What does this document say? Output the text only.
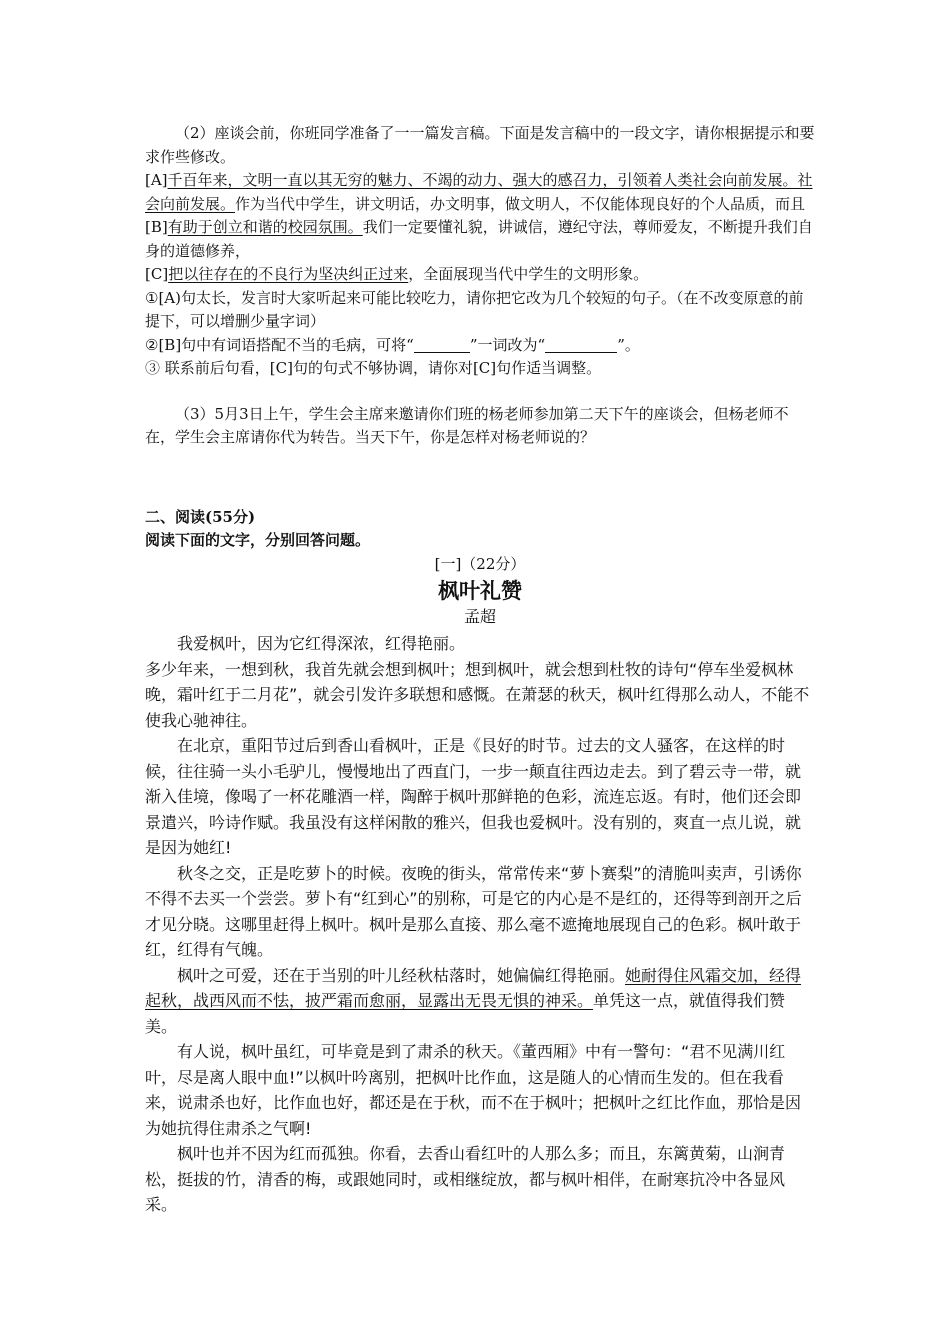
（2）座谈会前，你班同学准备了一一篇发言稿。下面是发言稿中的一段文字，请你根据提示和要求作些修改。

[A]千百年来，文明一直以其无穷的魅力、不竭的动力、强大的感召力，引领着人类社会向前发展。社会向前发展。作为当代中学生，讲文明话，办文明事，做文明人，不仅能体现良好的个人品质，而且[B]有助于创立和谐的校园氛围。我们一定要懂礼貌，讲诚信，遵纪守法，尊师爱友，不断提升我们自身的道德修养，

[C]把以往存在的不良行为坚决纠正过来，全面展现当代中学生的文明形象。

①[A)句太长，发言时大家听起来可能比较吃力，请你把它改为几个较短的句子。（在不改变原意的前提下，可以增删少量字词）

②[B]句中有词语搭配不当的毛病，可将“	”一词改为“	”。

③ 联系前后句看，[C]句的句式不够协调，请你对[C]句作适当调整。

（3）5月3日上午，学生会主席来邀请你们班的杨老师参加第二天下午的座谈会，但杨老师不在，学生会主席请你代为转告。当天下午，你是怎样对杨老师说的？

二、阅读(55分)

阅读下面的文字，分别回答问题。

[一]（22分）

枫叶礼赞

孟超

我爱枫叶，因为它红得深浓，红得艳丽。

多少年来，一想到秋，我首先就会想到枫叶；想到枫叶，就会想到杜牧的诗句“停车坐爱枫林晚，霜叶红于二月花”，就会引发许多联想和感慨。在萧瑟的秋天，枫叶红得那么动人，不能不使我心驰神往。

在北京，重阳节过后到香山看枫叶，正是《艮好的时节。过去的文人骚客，在这样的时候，往往骑一头小毛驴儿，慢慢地出了西直门，一步一颠直往西边走去。到了碧云寺一带，就渐入佳境，像喝了一杯花雕酒一样，陶醉于枫叶那鲜艳的色彩，流连忘返。有时，他们还会即景遣兴，吟诗作赋。我虽没有这样闲散的雅兴，但我也爱枫叶。没有别的，爽直一点儿说，就是因为她红!

秋冬之交，正是吃萝卜的时候。夜晚的街头，常常传来“萝卜赛梨”的清脆叫卖声，引诱你不得不去买一个尝尝。萝卜有“红到心”的别称，可是它的内心是不是红的，还得等到剖开之后才见分晓。这哪里赶得上枫叶。枫叶是那么直接、那么毫不遮掩地展现自己的色彩。枫叶敢于红，红得有气魄。

枫叶之可爱，还在于当别的叶儿经秋枯落时，她偏偏红得艳丽。她耐得住风霜交加，经得起秋，战西风而不怯，披严霜而愈丽，显露出无畏无惧的神采。单凭这一点，就值得我们赞美。

有人说，枫叶虽红，可毕竟是到了肃杀的秋天。《董西厢》中有一警句：“君不见满川红叶，尽是离人眼中血!”以枫叶吟离别，把枫叶比作血，这是随人的心情而生发的。但在我看来，说肃杀也好，比作血也好，都还是在于秋，而不在于枫叶；把枫叶之红比作血，那恰是因为她抗得住肃杀之气啊!

枫叶也并不因为红而孤独。你看，去香山看红叶的人那么多；而且，东篱黄菊，山涧青松，挺拔的竹，清香的梅，或跟她同时，或相继绽放，都与枫叶相伴，在耐寒抗冷中各显风采。
